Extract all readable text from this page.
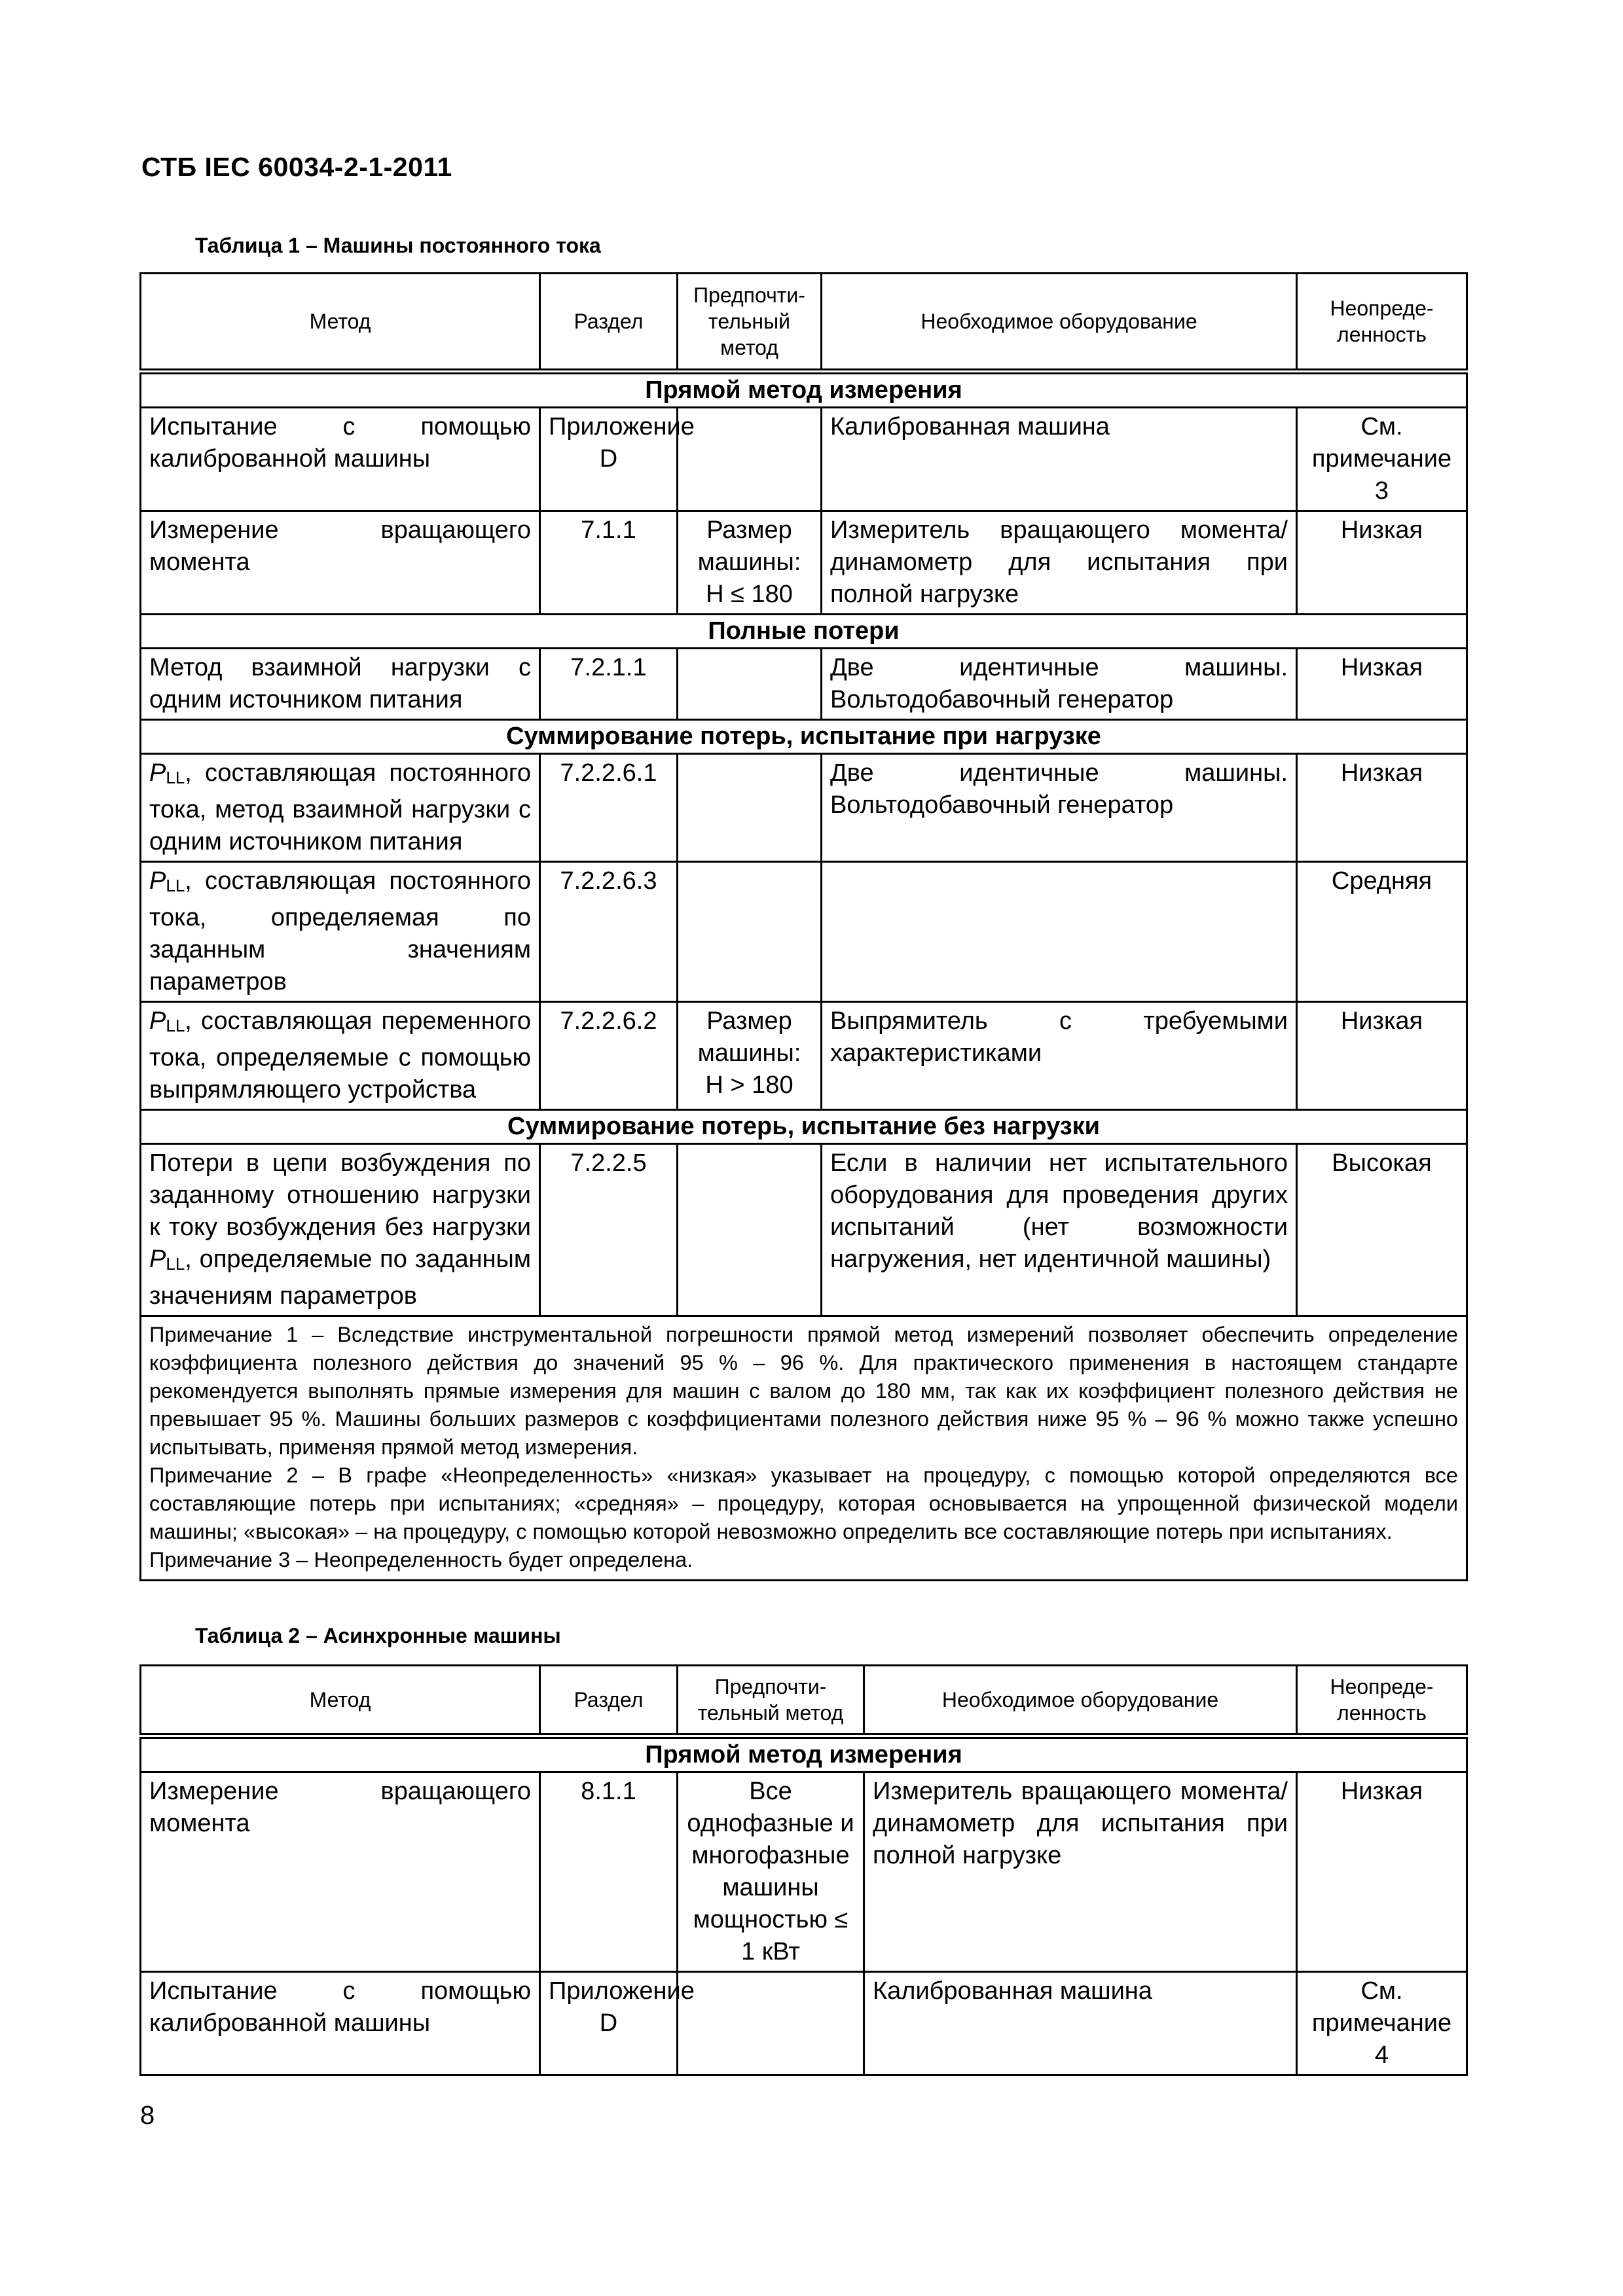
СТБ IEC 60034-2-1-2011
Таблица 1 – Машины постоянного тока
Метод	Раздел	Предпочти-тельный метод	Необходимое оборудование	Неопреде-ленность
Прямой метод измерения				
Испытание с помощью калиброванной машины	Приложение D		Калиброванная машина	См. примечание 3
Измерение вращающего момента	7.1.1	Размер машины: H ≤ 180	Измеритель вращающего момента/ динамометр для испытания при полной нагрузке	Низкая
Полные потери				
Метод взаимной нагрузки с одним источником питания	7.2.1.1		Две идентичные машины. Вольтодобавочный генератор	Низкая
Суммирование потерь, испытание при нагрузке				
PLL, составляющая постоянного тока, метод взаимной нагрузки с одним источником питания	7.2.2.6.1		Две идентичные машины. Вольтодобавочный генератор	Низкая
PLL, составляющая постоянного тока, определяемая по заданным значениям параметров	7.2.2.6.3			Средняя
PLL, составляющая переменного тока, определяемые с помощью выпрямляющего устройства	7.2.2.6.2	Размер машины: H > 180	Выпрямитель с требуемыми характеристиками	Низкая
Суммирование потерь, испытание без нагрузки				
Потери в цепи возбуждения по заданному отношению нагрузки к току возбуждения без нагрузки PLL, определяемые по заданным значениям параметров	7.2.2.5		Если в наличии нет испытательного оборудования для проведения других испытаний (нет возможности нагружения, нет идентичной машины)	Высокая

Примечание 1 – Вследствие инструментальной погрешности прямой метод измерений позволяет обеспечить определение коэффициента полезного действия до значений 95 % – 96 %. Для практического применения в настоящем стандарте рекомендуется выполнять прямые измерения для машин с валом до 180 мм, так как их коэффициент полезного действия не превышает 95 %. Машины больших размеров с коэффициентами полезного действия ниже 95 % – 96 % можно также успешно испытывать, применяя прямой метод измерения.

Примечание 2 – В графе «Неопределенность» «низкая» указывает на процедуру, с помощью которой определяются все составляющие потерь при испытаниях; «средняя» – процедуру, которая основывается на упрощенной физической модели машины; «высокая» – на процедуру, с помощью которой невозможно определить все составляющие потерь при испытаниях.

Примечание 3 – Неопределенность будет определена.				

Таблица 2 – Асинхронные машины
Метод	Раздел	Предпочти-тельный метод	Необходимое оборудование	Неопреде-ленность
Прямой метод измерения				
Измерение вращающего момента	8.1.1	Все однофазные и многофазные машины мощностью ≤ 1 кВт	Измеритель вращающего момента/динамометр для испытания при полной нагрузке	Низкая
Испытание с помощью калиброванной машины	Приложение D		Калиброванная машина	См. примечание 4
8
